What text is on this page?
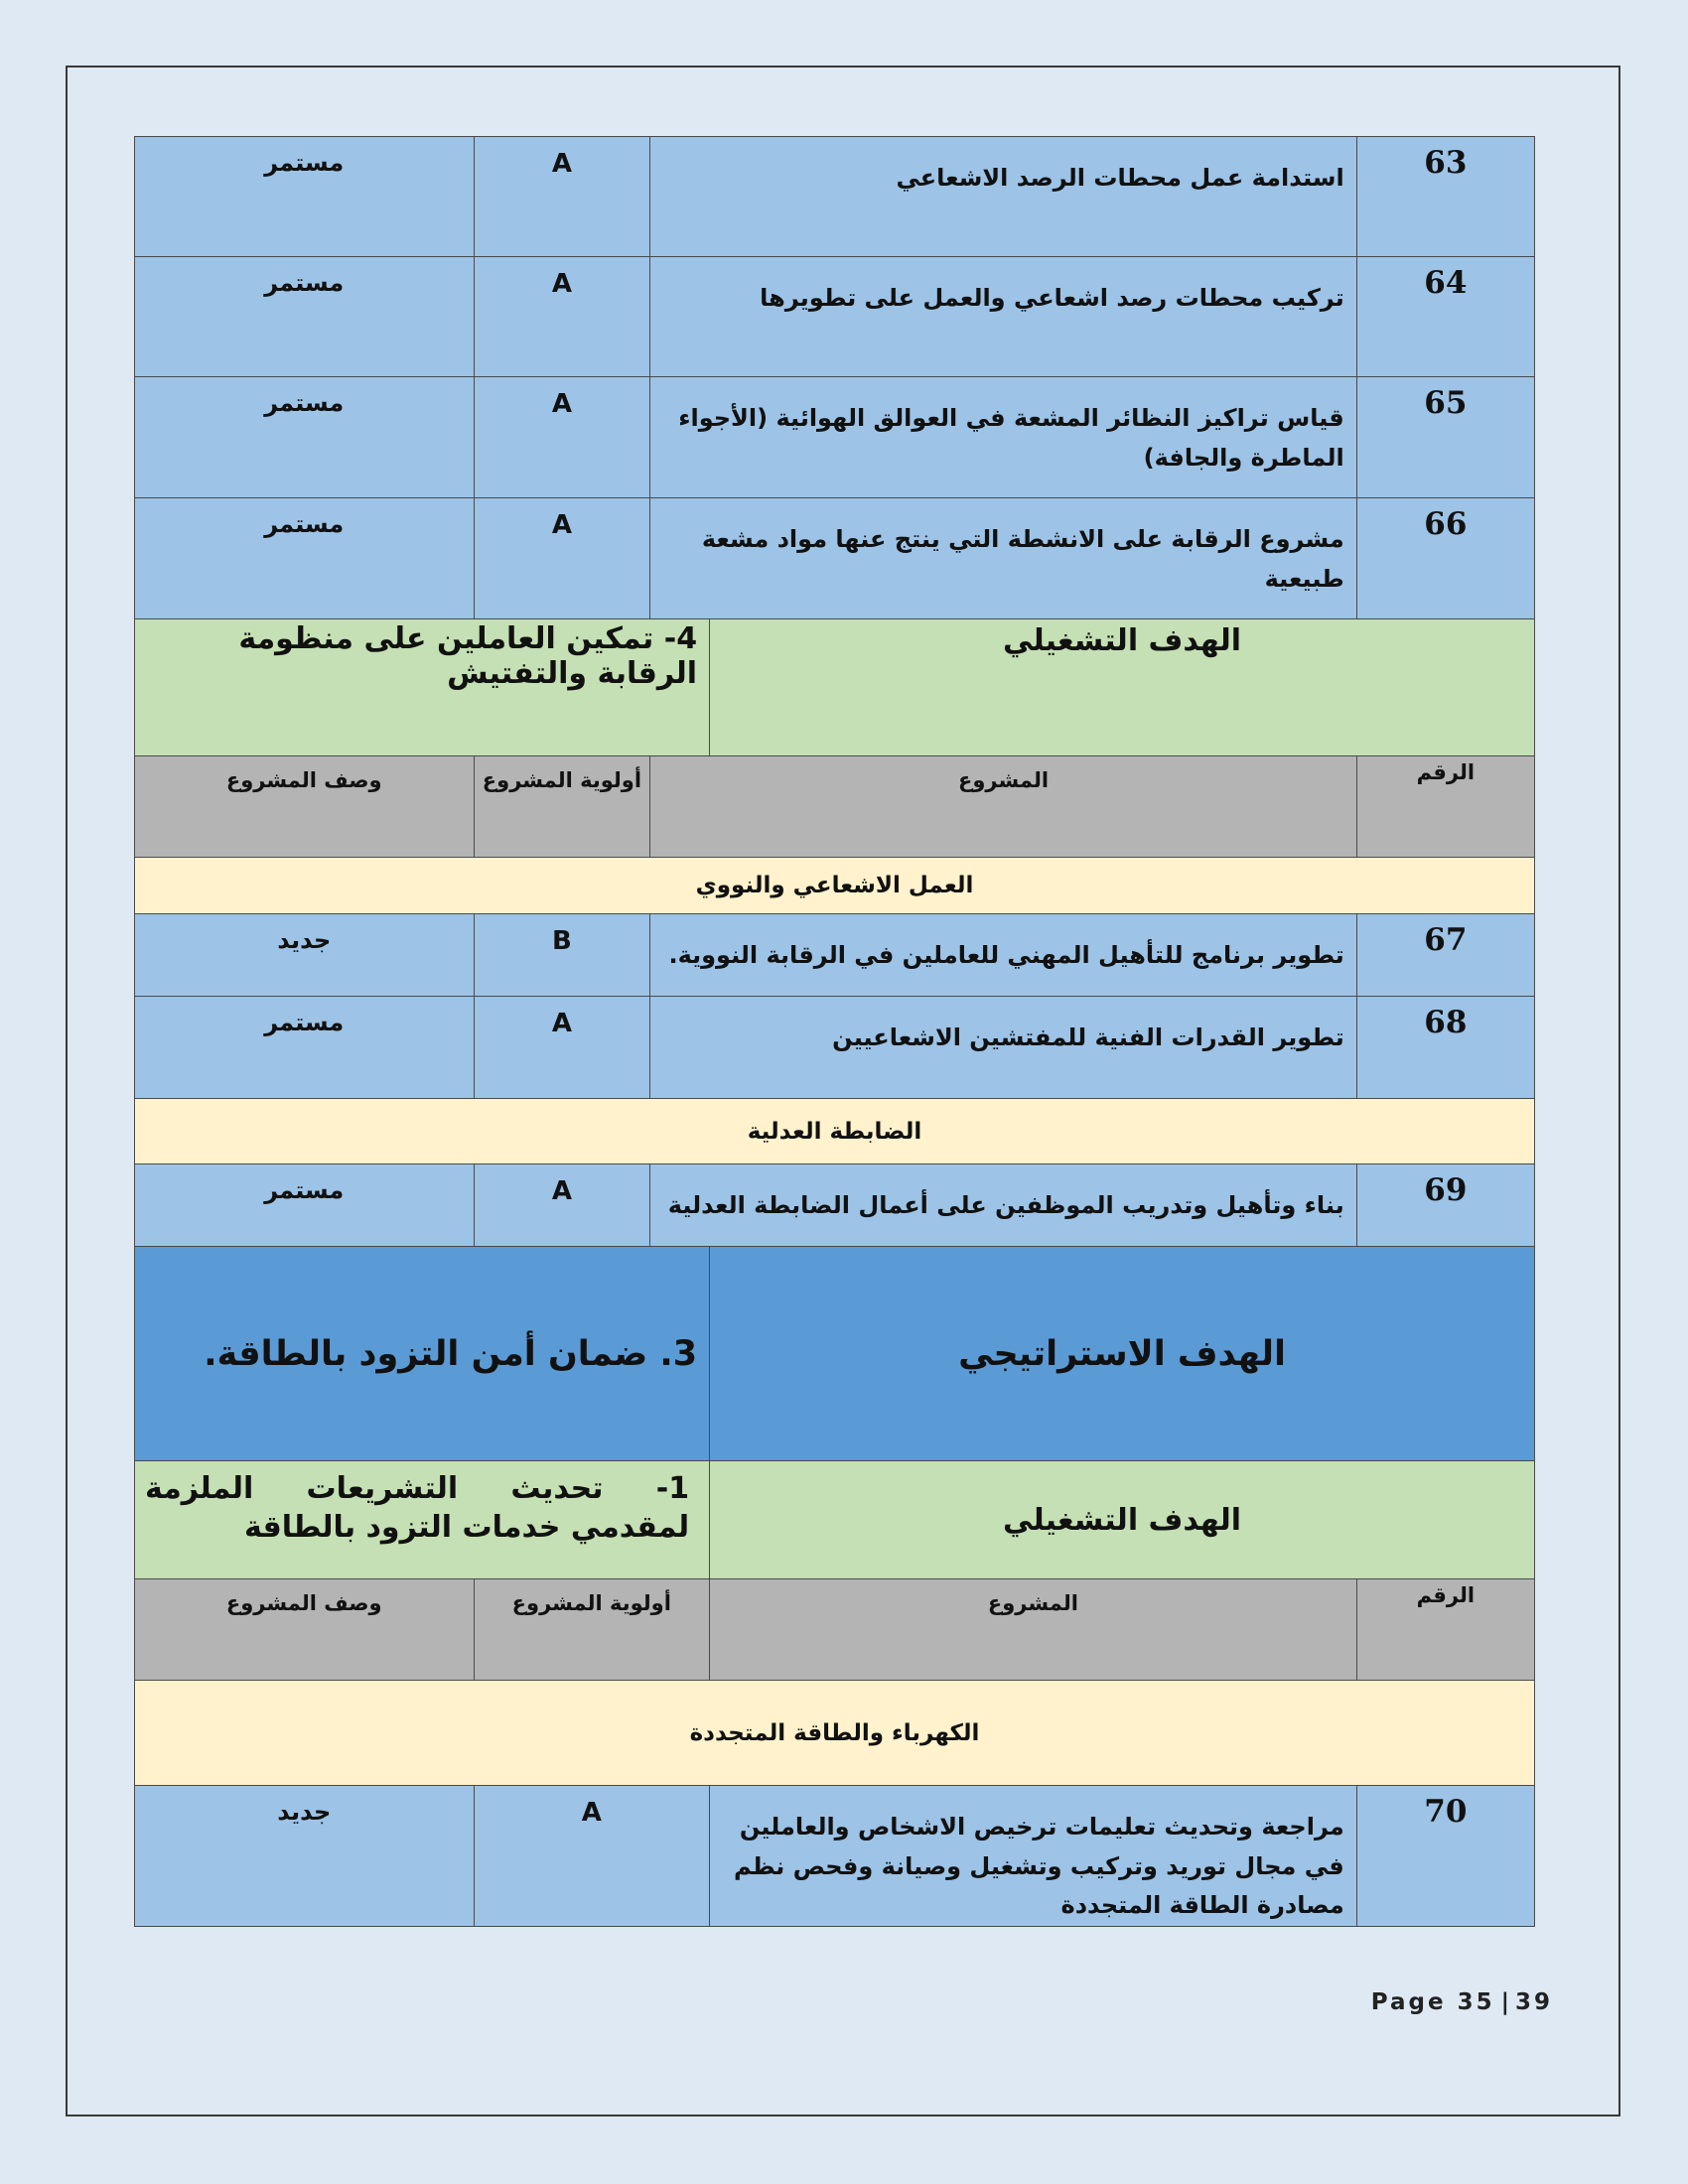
63	استدامة عمل محطات الرصد الاشعاعي		A	مستمر
64	تركيب محطات رصد اشعاعي والعمل على تطويرها		A	مستمر
65	قياس تراكيز النظائر المشعة في العوالق الهوائية (الأجواء الماطرة والجافة)		A	مستمر
66	مشروع الرقابة على الانشطة التي ينتج عنها مواد مشعة طبيعية		A	مستمر
الهدف التشغيلي		4- تمكين العاملين على منظومة الرقابة والتفتيش		
الرقم	المشروع		أولوية المشروع	وصف المشروع
العمل الاشعاعي والنووي				
67	تطوير برنامج للتأهيل المهني للعاملين في الرقابة النووية.		B	جديد
68	تطوير القدرات الفنية للمفتشين الاشعاعيين		A	مستمر
الضابطة العدلية				
69	بناء وتأهيل وتدريب الموظفين على أعمال الضابطة العدلية		A	مستمر
الهدف الاستراتيجي		3. ضمان أمن التزود بالطاقة.		
الهدف التشغيلي		1- تحديث التشريعات الملزمة لمقدمي خدمات التزود بالطاقة		
الرقم	المشروع	أولوية المشروع		وصف المشروع
الكهرباء والطاقة المتجددة				
70	مراجعة وتحديث تعليمات ترخيص الاشخاص والعاملين في مجال توريد وتركيب وتشغيل وصيانة وفحص نظم مصادرة الطاقة المتجددة	A		جديد
Page 35 | 39
